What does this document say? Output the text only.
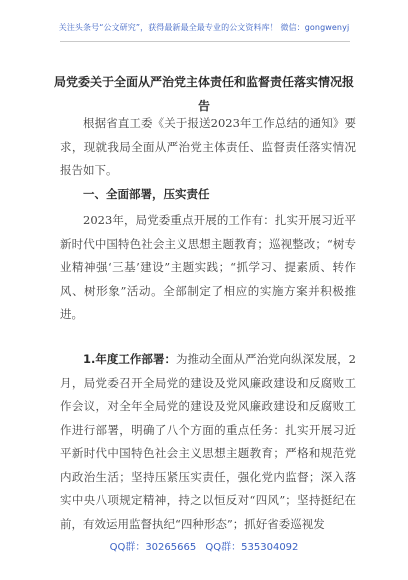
关注头条号“公文研究”，获得最新最全最专业的公文资料库！ 微信：gongwenyj
局党委关于全面从严治党主体责任和监督责任落实情况报
告

根据省直工委《关于报送2023年工作总结的通知》要求，现就我局全面从严治党主体责任、监督责任落实情况报告如下。

一、全面部署，压实责任

2023年，局党委重点开展的工作有：扎实开展习近平新时代中国特色社会主义思想主题教育；巡视整改；“树专业精神强‘三基’建设”主题实践；“抓学习、提素质、转作风、树形象”活动。全部制定了相应的实施方案并积极推进。

1.年度工作部署：为推动全面从严治党向纵深发展，2月，局党委召开全局党的建设及党风廉政建设和反腐败工作会议，对全年全局党的建设及党风廉政建设和反腐败工作进行部署，明确了八个方面的重点任务：扎实开展习近平新时代中国特色社会主义思想主题教育；严格和规范党内政治生活；坚持压紧压实责任，强化党内监督；深入落实中央八项规定精神，持之以恒反对“四风”；坚持挺纪在前，有效运用监督执纪“四种形态”；抓好省委巡视发

QQ群：30265665 QQ群：535304092
